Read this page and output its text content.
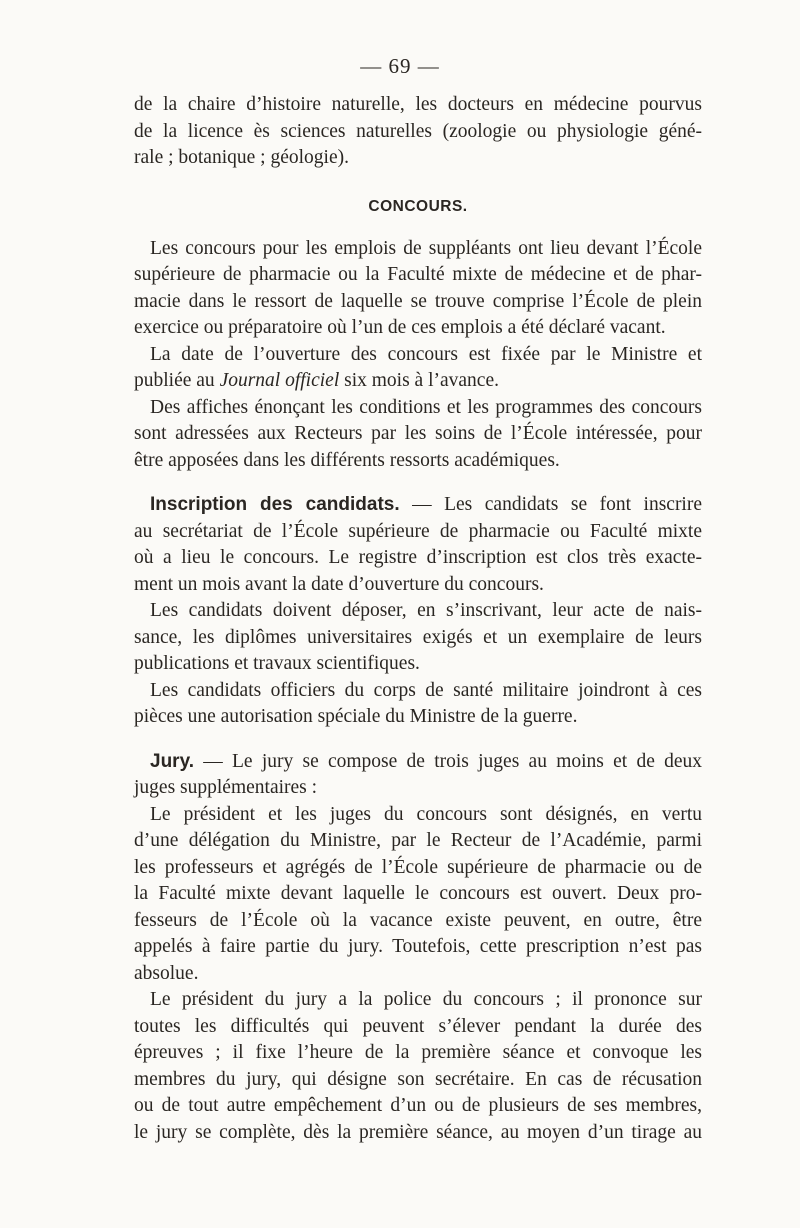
— 69 —
de la chaire d’histoire naturelle, les docteurs en médecine pourvus
de la licence ès sciences naturelles (zoologie ou physiologie géné-
rale ; botanique ; géologie).
CONCOURS.
Les concours pour les emplois de suppléants ont lieu devant l’École
supérieure de pharmacie ou la Faculté mixte de médecine et de phar-
macie dans le ressort de laquelle se trouve comprise l’École de plein
exercice ou préparatoire où l’un de ces emplois a été déclaré vacant.
La date de l’ouverture des concours est fixée par le Ministre et
publiée au Journal officiel six mois à l’avance.
Des affiches énonçant les conditions et les programmes des concours
sont adressées aux Recteurs par les soins de l’École intéressée, pour
être apposées dans les différents ressorts académiques.
Inscription des candidats. — Les candidats se font inscrire
au secrétariat de l’École supérieure de pharmacie ou Faculté mixte
où a lieu le concours. Le registre d’inscription est clos très exacte-
ment un mois avant la date d’ouverture du concours.
Les candidats doivent déposer, en s’inscrivant, leur acte de nais-
sance, les diplômes universitaires exigés et un exemplaire de leurs
publications et travaux scientifiques.
Les candidats officiers du corps de santé militaire joindront à ces
pièces une autorisation spéciale du Ministre de la guerre.
Jury. — Le jury se compose de trois juges au moins et de deux
juges supplémentaires :
Le président et les juges du concours sont désignés, en vertu
d’une délégation du Ministre, par le Recteur de l’Académie, parmi
les professeurs et agrégés de l’École supérieure de pharmacie ou de
la Faculté mixte devant laquelle le concours est ouvert. Deux pro-
fesseurs de l’École où la vacance existe peuvent, en outre, être
appelés à faire partie du jury. Toutefois, cette prescription n’est pas
absolue.
Le président du jury a la police du concours ; il prononce sur
toutes les difficultés qui peuvent s’élever pendant la durée des
épreuves ; il fixe l’heure de la première séance et convoque les
membres du jury, qui désigne son secrétaire. En cas de récusation
ou de tout autre empêchement d’un ou de plusieurs de ses membres,
le jury se complète, dès la première séance, au moyen d’un tirage au
